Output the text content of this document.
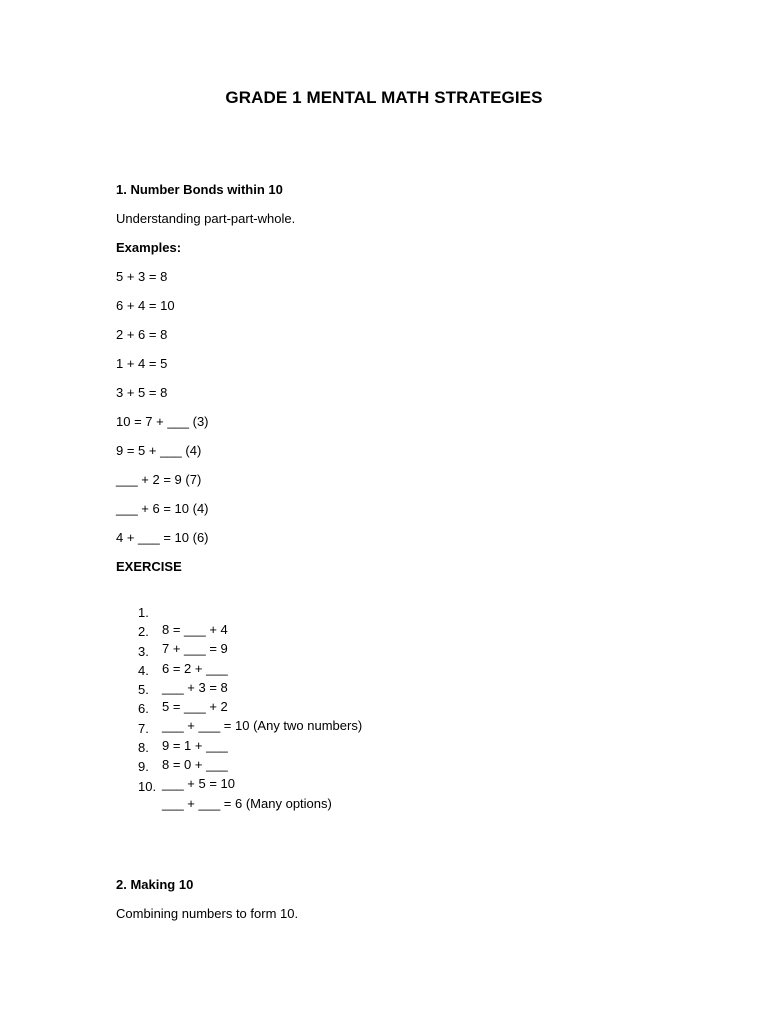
GRADE 1 MENTAL MATH STRATEGIES

1. Number Bonds within 10

Understanding part-part-whole.

Examples:

5 + 3 = 8

6 + 4 = 10

2 + 6 = 8

1 + 4 = 5

3 + 5 = 8

10 = 7 + ___ (3)

9 = 5 + ___ (4)

___ + 2 = 9 (7)

___ + 6 = 10 (4)

4 + ___ = 10 (6)

EXERCISE

1.

8 = ___ + 4

2.

7 + ___ = 9

3.

6 = 2 + ___

4.

___ + 3 = 8

5.

5 = ___ + 2

6.

___ + ___ = 10 (Any two numbers)

7.

9 = 1 + ___

8.

8 = 0 + ___

9.

___ + 5 = 10

10.

___ + ___ = 6 (Many options)

2. Making 10

Combining numbers to form 10.
